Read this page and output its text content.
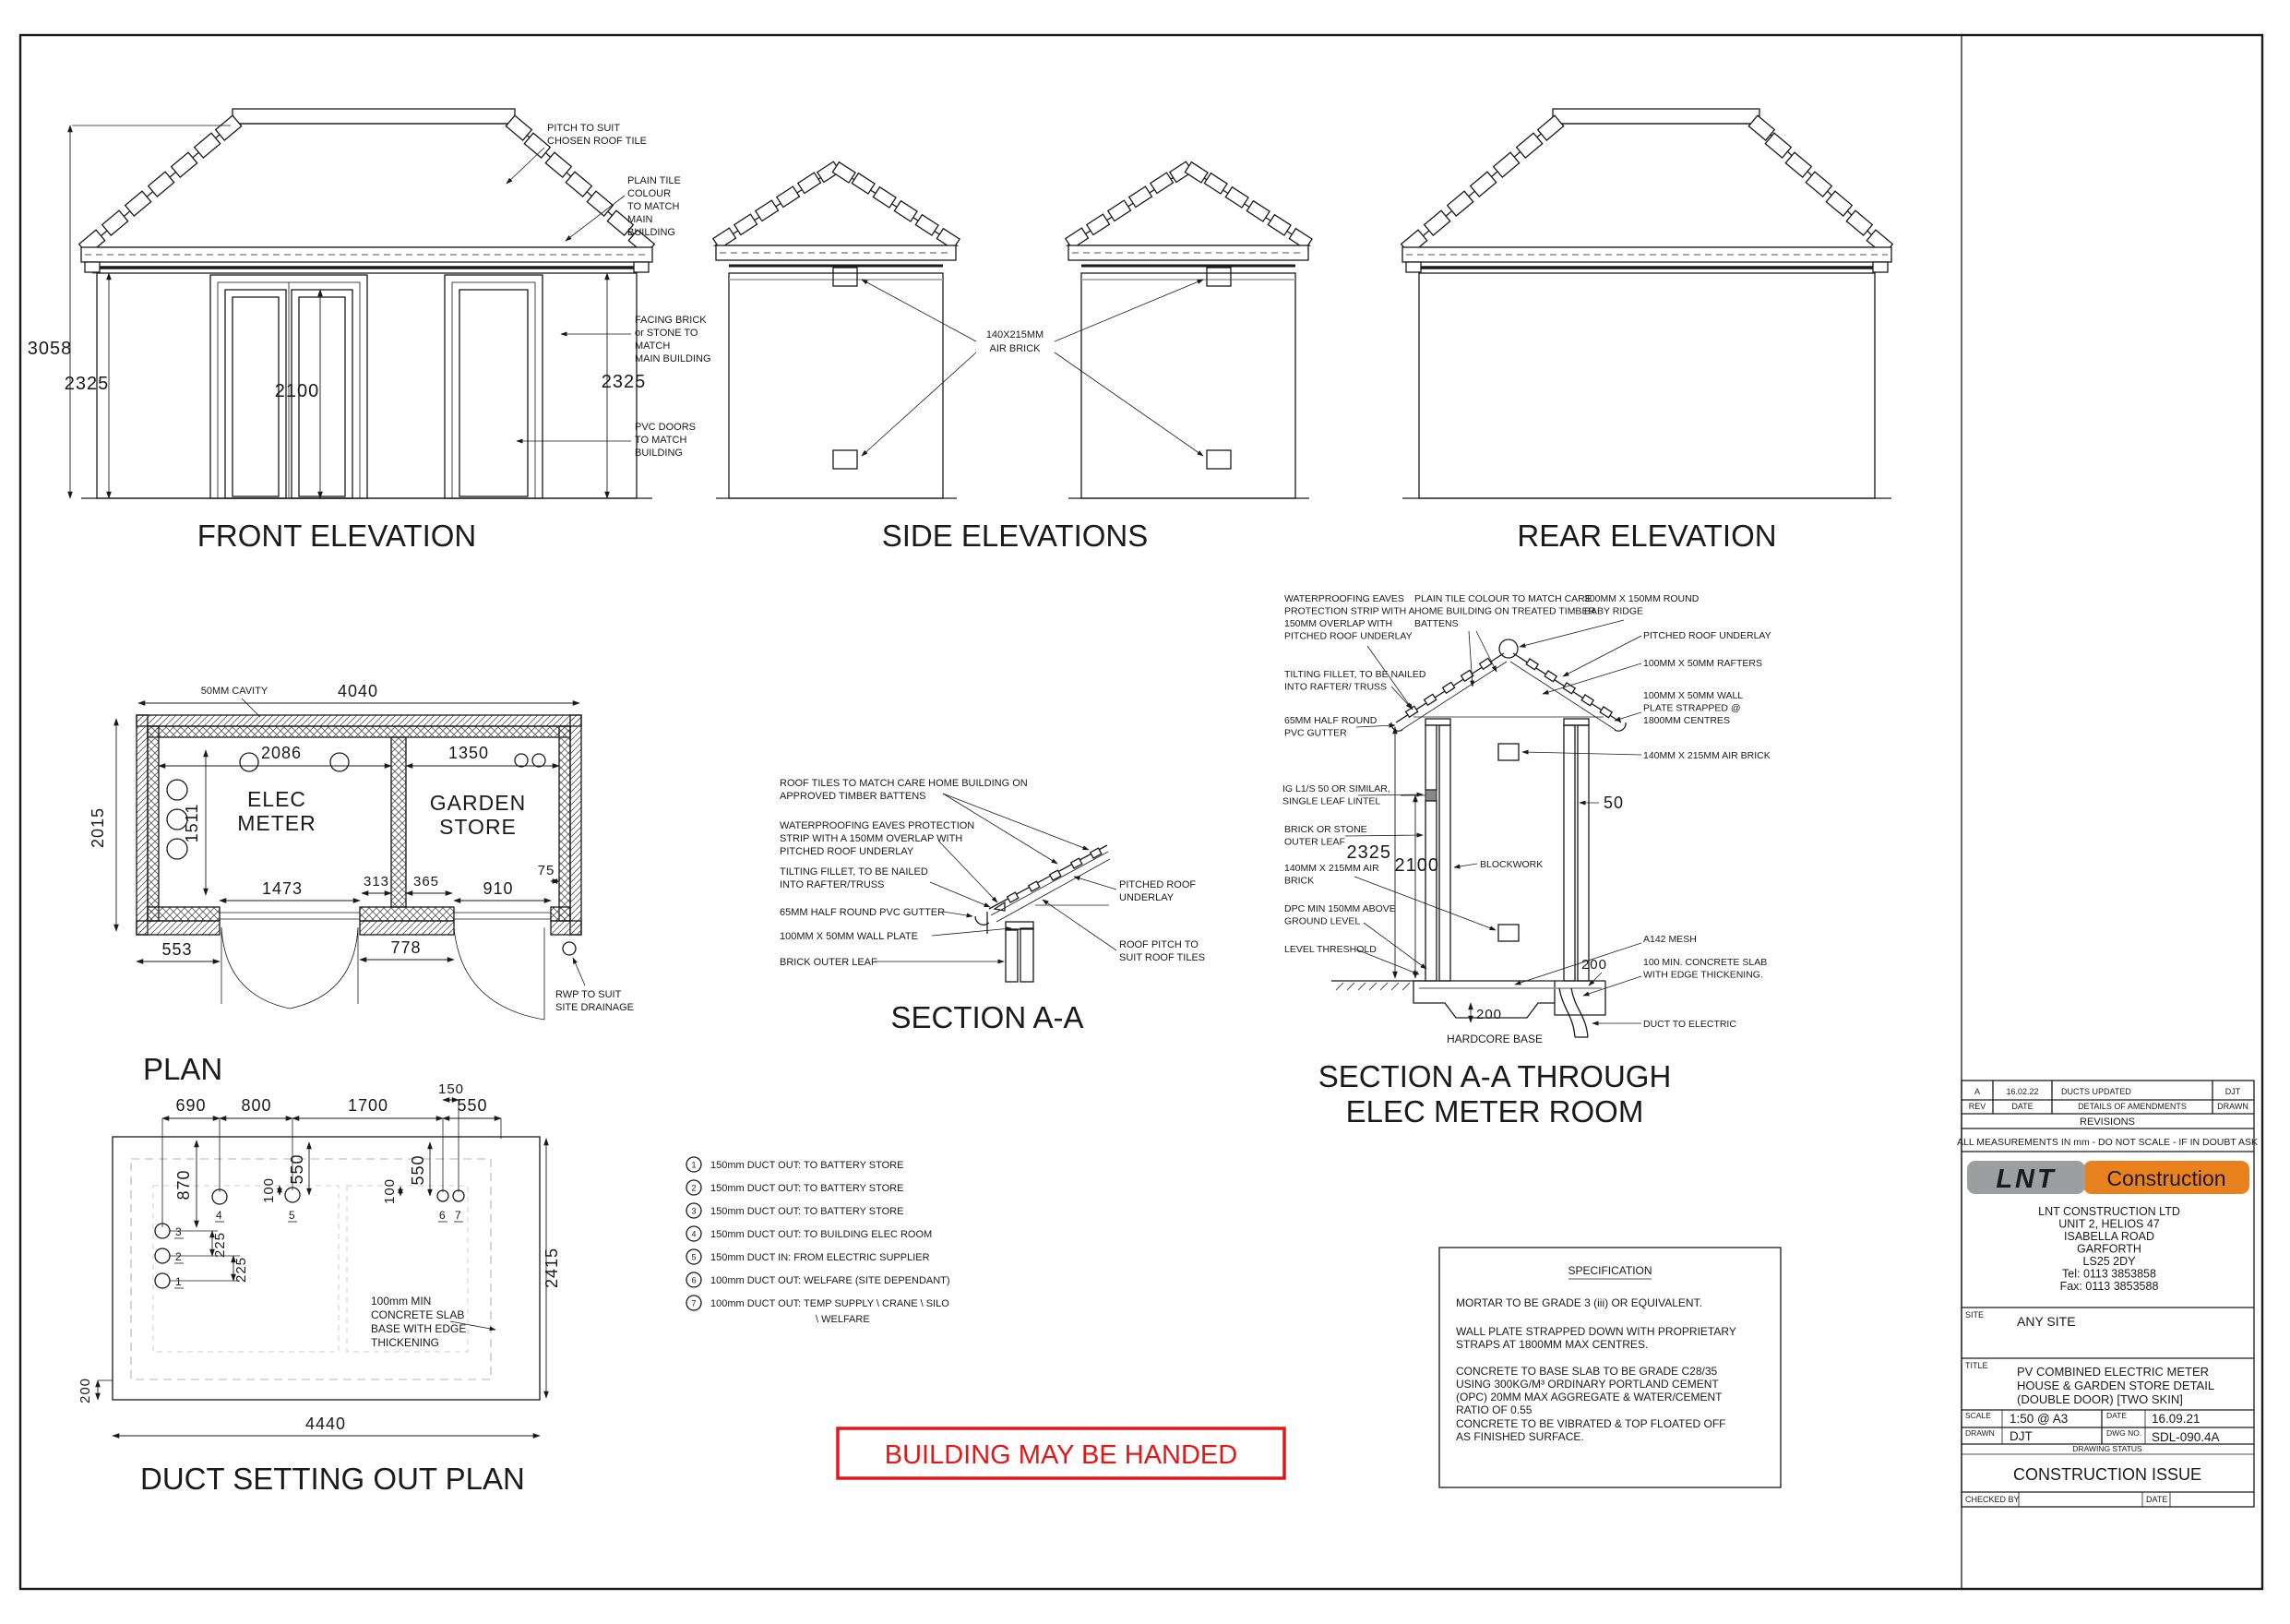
3058
2325	2100	2325
PITCH TO SUIT CHOSEN ROOF TILE
PLAIN TILE COLOUR TO MATCH MAIN BUILDING
FACING BRICK or STONE TO MATCH MAIN BUILDING
PVC DOORS TO MATCH BUILDING
FRONT ELEVATION
140X215MM AIR BRICK
SIDE ELEVATIONS	REAR ELEVATION
ELEC METER
GARDEN STORE
4040
50MM CAVITY
2015
2086	1350
1511
1473	313 365	910
75
553	778
RWP TO SUIT SITE DRAINAGE
PLAN
ROOF TILES TO MATCH CARE HOME BUILDING ON APPROVED TIMBER BATTENS
WATERPROOFING EAVES PROTECTION STRIP WITH A 150MM OVERLAP WITH PITCHED ROOF UNDERLAY
TILTING FILLET, TO BE NAILED INTO RAFTER/TRUSS
65MM HALF ROUND PVC GUTTER
100MM X 50MM WALL PLATE
BRICK OUTER LEAF
PITCHED ROOF UNDERLAY
ROOF PITCH TO SUIT ROOF TILES
SECTION A-A
2325
2100
50
200
200
WATERPROOFING EAVES PROTECTION STRIP WITH A 150MM OVERLAP WITH PITCHED ROOF UNDERLAY
PLAIN TILE COLOUR TO MATCH CARE HOME BUILDING ON TREATED TIMBER BATTENS
300MM X 150MM ROUND BABY RIDGE
PITCHED ROOF UNDERLAY
100MM X 50MM RAFTERS
100MM X 50MM WALL PLATE STRAPPED @ 1800MM CENTRES
140MM X 215MM AIR BRICK
TILTING FILLET, TO BE NAILED INTO RAFTER/ TRUSS
65MM HALF ROUND PVC GUTTER
IG L1/S 50 OR SIMILAR, SINGLE LEAF LINTEL
BRICK OR STONE OUTER LEAF
140MM X 215MM AIR BRICK
DPC MIN 150MM ABOVE GROUND LEVEL
LEVEL THRESHOLD
BLOCKWORK
A142 MESH
100 MIN. CONCRETE SLAB WITH EDGE THICKENING.
DUCT TO ELECTRIC
HARDCORE BASE
SECTION A-A THROUGH ELEC METER ROOM
1
2
3
4	5	6 7
690 800	1700	550
150
870
550
100
550
100
225
225	2415
4440
200
100mm MIN CONCRETE SLAB BASE WITH EDGE THICKENING
DUCT SETTING OUT PLAN
1 150mm DUCT OUT: TO BATTERY STORE
2 150mm DUCT OUT: TO BATTERY STORE
3 150mm DUCT OUT: TO BATTERY STORE
4 150mm DUCT OUT: TO BUILDING ELEC ROOM
5 150mm DUCT IN: FROM ELECTRIC SUPPLIER
6 100mm DUCT OUT: WELFARE (SITE DEPENDANT)
7 100mm DUCT OUT: TEMP SUPPLY \ CRANE \ SILO
\ WELFARE
SPECIFICATION
MORTAR TO BE GRADE 3 (iii) OR EQUIVALENT.
WALL PLATE STRAPPED DOWN WITH PROPRIETARY STRAPS AT 1800MM MAX CENTRES.
CONCRETE TO BASE SLAB TO BE GRADE C28/35 USING 300KG/M³ ORDINARY PORTLAND CEMENT (OPC) 20MM MAX AGGREGATE & WATER/CEMENT RATIO OF 0.55
CONCRETE TO BE VIBRATED & TOP FLOATED OFF AS FINISHED SURFACE.
BUILDING MAY BE HANDED
A	16.02.22	DUCTS UPDATED	DJT
REV	DATE	DETAILS OF AMENDMENTS	DRAWN
REVISIONS
ALL MEASUREMENTS IN mm - DO NOT SCALE - IF IN DOUBT ASK
LNT Construction
LNT CONSTRUCTION LTD UNIT 2, HELIOS 47 ISABELLA ROAD GARFORTH LS25 2DY Tel: 0113 3853858 Fax: 0113 3853588
SITE	ANY SITE
TITLE PV COMBINED ELECTRIC METER HOUSE & GARDEN STORE DETAIL (DOUBLE DOOR) [TWO SKIN]
SCALE 1:50 @ A3	DATE 16.09.21
DRAWN DJT	DWG NO. SDL-090.4A
DRAWING STATUS
CONSTRUCTION ISSUE
CHECKED BY	DATE
